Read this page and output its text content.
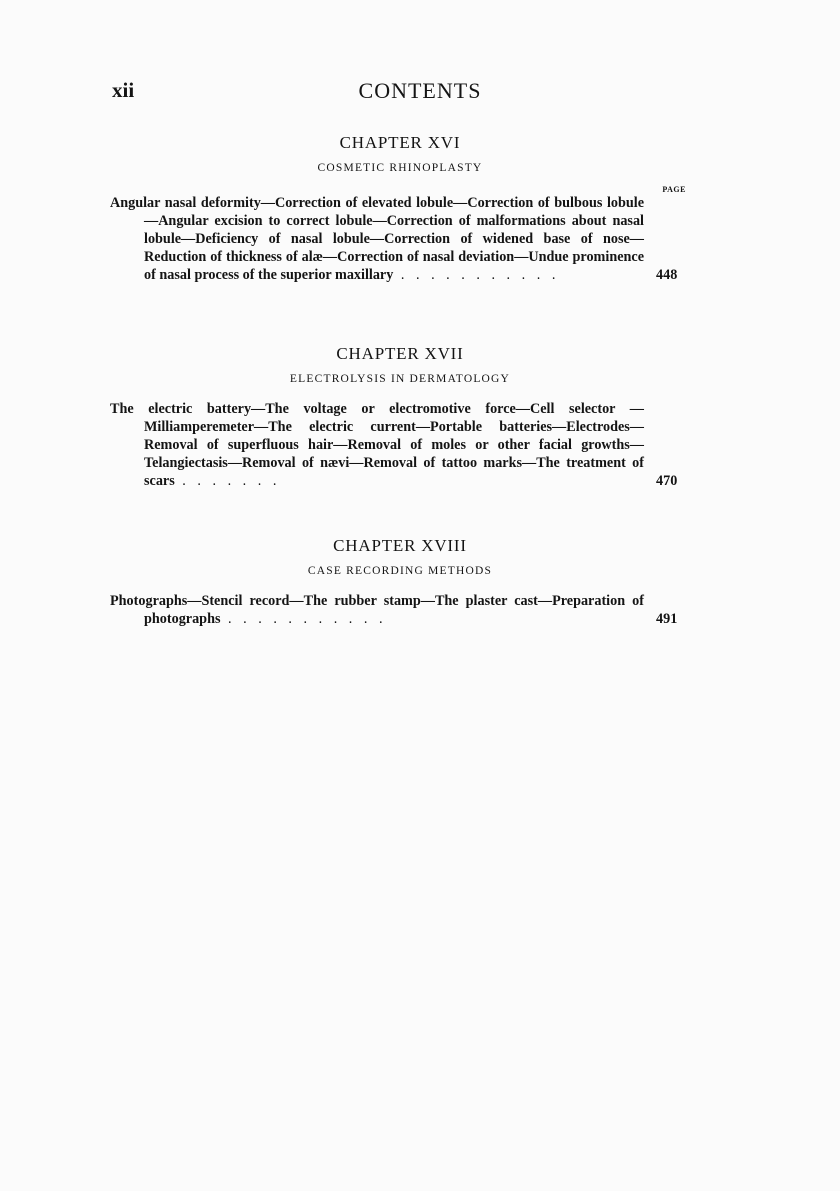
xii	CONTENTS
CHAPTER XVI
COSMETIC RHINOPLASTY
PAGE
Angular nasal deformity—Correction of elevated lobule—Correction of bulbous lobule—Angular excision to correct lobule—Correction of malformations about nasal lobule—Deficiency of nasal lobule—Correction of widened base of nose—Reduction of thickness of alæ—Correction of nasal deviation—Undue prominence of nasal process of the superior maxillary . . . . . . . . . . .	448
CHAPTER XVII
ELECTROLYSIS IN DERMATOLOGY
The electric battery—The voltage or electromotive force—Cell selector —Milliamperemeter—The electric current—Portable batteries—Electrodes—Removal of superfluous hair—Removal of moles or other facial growths—Telangiectasis—Removal of nævi—Removal of tattoo marks—The treatment of scars . . . . . . .	470
CHAPTER XVIII
CASE RECORDING METHODS
Photographs—Stencil record—The rubber stamp—The plaster cast—Preparation of photographs . . . . . . . . . . .	491
